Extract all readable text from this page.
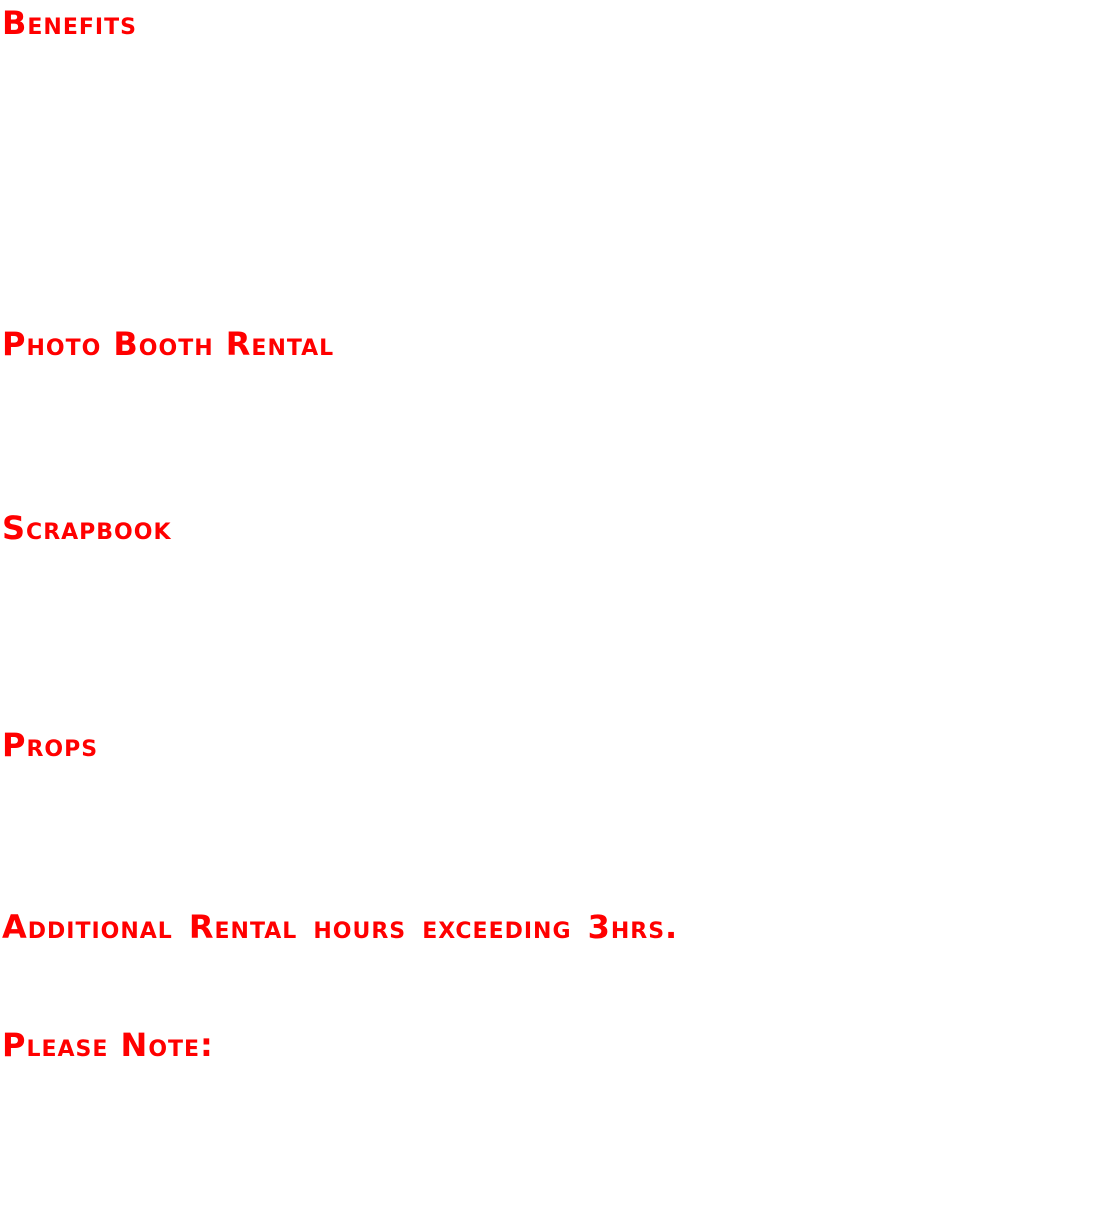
Benefits

Our high quality photo booth is the perfect way to capture the fun and memories of your special event. Guests step inside, strike a pose and receive instant photo strips to take home as a keepsake. Each session produces high resolution images that can be shared online with friends and family. Our friendly attendant is on hand throughout your event to help guests and keep everything running smoothly from setup to breakdown.

Photo Booth Rental
3 hours rental includes setup, attendant, unlimited prints and props
Custom photo strip design with your names and date
Online gallery of all images after your event
Scrapbook

Our attendant will create a scrapbook of your event where guests can place a copy of their photo strip and write a personal message. At the end of the night you will receive the completed scrapbook as a lasting memento of your special day with all the wishes of your friends and family.

Props

We provide a large selection of fun props including hats, glasses, wigs, boas, signs and more so your guests can get creative and have fun in front of the camera. Custom props to match your theme are available upon request.

Additional Rental hours exceeding 3hrs. may be added for an additional charge per hour, please contact us for current rates and availability.

Please Note:

A deposit is required to reserve your date. The balance is due one week prior to your event. The photo booth requires a space of approximately 8ft by 8ft and access to a standard electrical outlet. Travel fees may apply for events outside of our service area.
